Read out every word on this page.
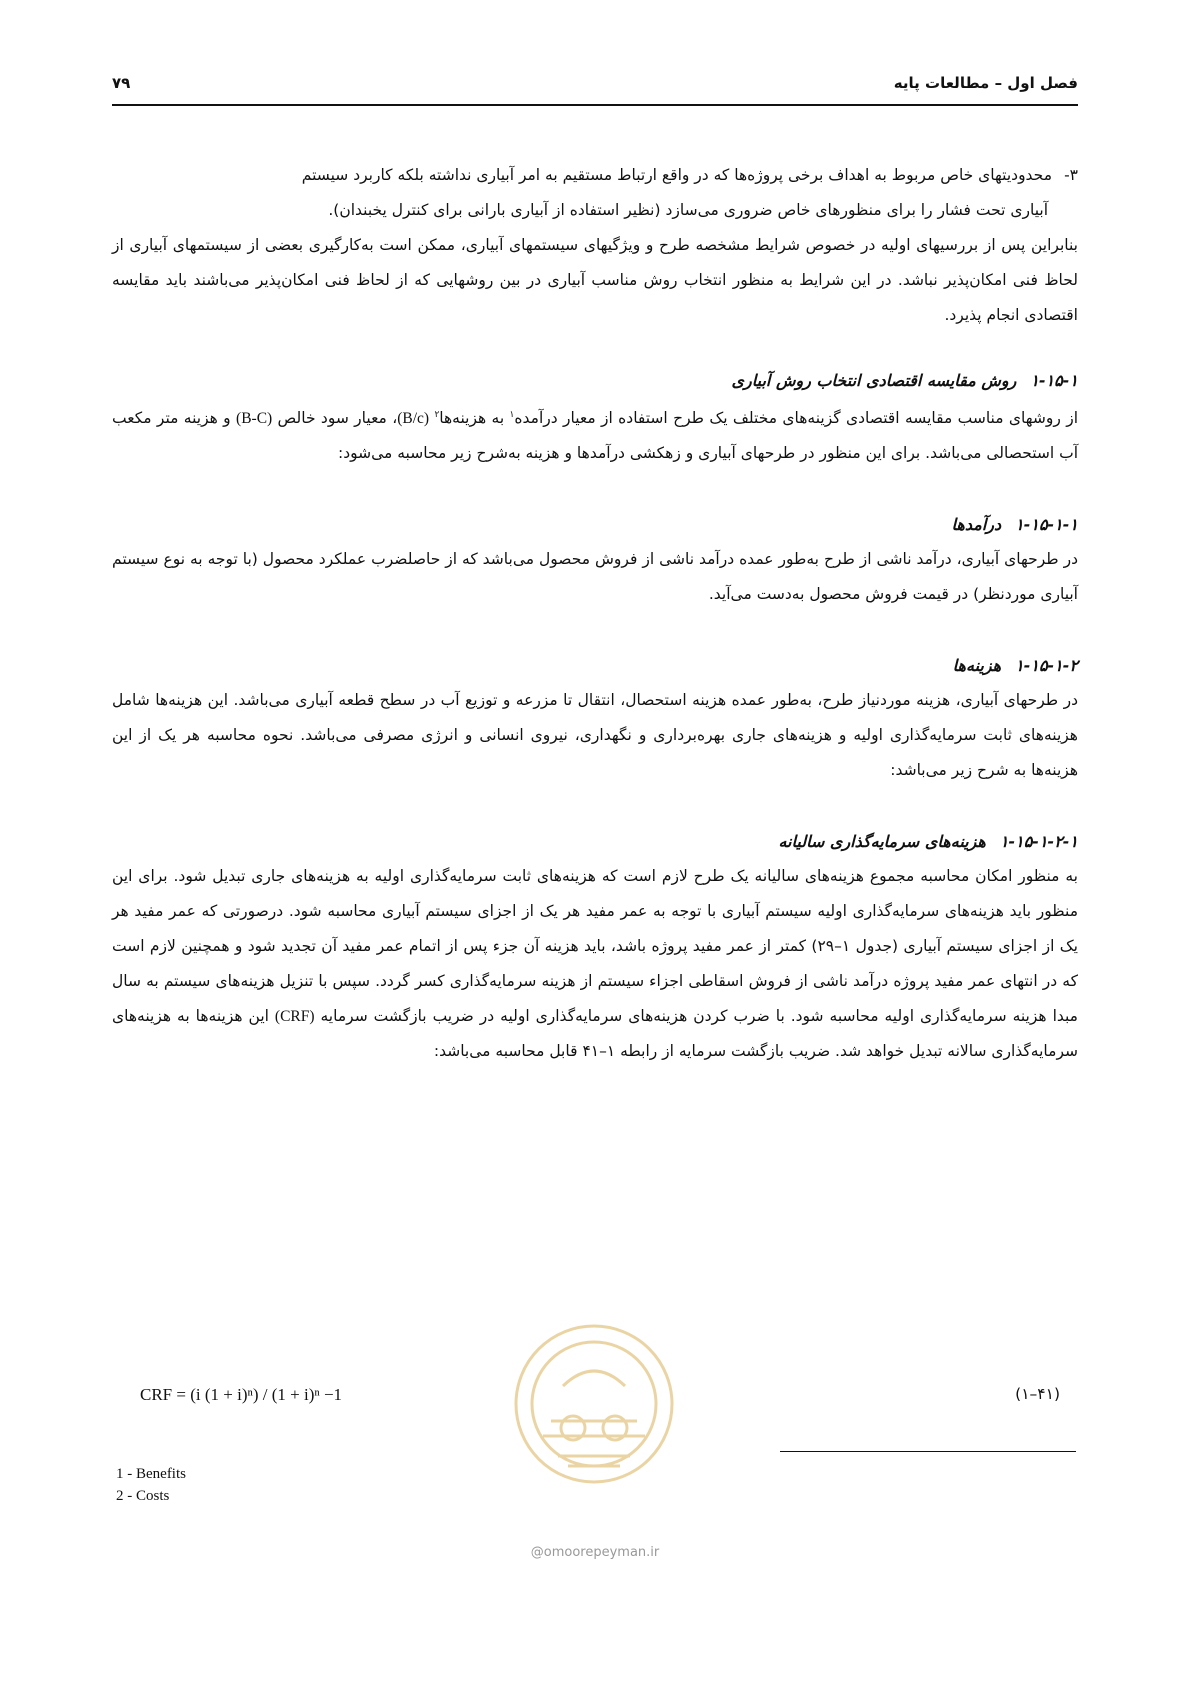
فصل اول – مطالعات پایه
۷۹

۳-محدودیتهای خاص مربوط به اهداف برخی پروژه‌ها که در واقع ارتباط مستقیم به امر آبیاری نداشته بلکه کاربرد سیستم

آبیاری تحت فشار را برای منظورهای خاص ضروری می‌سازد (نظیر استفاده از آبیاری بارانی برای کنترل یخبندان).

بنابراین پس از بررسیهای اولیه در خصوص شرایط مشخصه طرح و ویژگیهای سیستمهای آبیاری، ممکن است به‌کارگیری بعضی از سیستمهای آبیاری از لحاظ فنی امکان‌پذیر نباشد. در این شرایط به منظور انتخاب روش مناسب آبیاری در بین روشهایی که از لحاظ فنی امکان‌پذیر می‌باشند باید مقایسه اقتصادی انجام پذیرد.

۱-۱۵-۱
روش مقایسه اقتصادی انتخاب روش آبیاری

از روشهای مناسب مقایسه اقتصادی گزینه‌های مختلف یک طرح استفاده از معیار درآمده$^۱$ به هزینه‌ها$^۲$ (B/c)، معیار سود خالص (B-C) و هزینه متر مکعب آب استحصالی می‌باشد. برای این منظور در طرحهای آبیاری و زهکشی درآمدها و هزینه به‌شرح زیر محاسبه می‌شود:

۱-۱۵-۱-۱
درآمدها

در طرحهای آبیاری، درآمد ناشی از طرح به‌طور عمده درآمد ناشی از فروش محصول می‌باشد که از حاصلضرب عملکرد محصول (با توجه به نوع سیستم آبیاری موردنظر) در قیمت فروش محصول به‌دست می‌آید.

۱-۱۵-۱-۲
هزینه‌ها

در طرحهای آبیاری، هزینه موردنیاز طرح، به‌طور عمده هزینه استحصال، انتقال تا مزرعه و توزیع آب در سطح قطعه آبیاری می‌باشد. این هزینه‌ها شامل هزینه‌های ثابت سرمایه‌گذاری اولیه و هزینه‌های جاری بهره‌برداری و نگهداری، نیروی انسانی و انرژی مصرفی می‌باشد. نحوه محاسبه هر یک از این هزینه‌ها به شرح زیر می‌باشد:

۱-۱۵-۱-۲-۱
هزینه‌های سرمایه‌گذاری سالیانه

به منظور امکان محاسبه مجموع هزینه‌های سالیانه یک طرح لازم است که هزینه‌های ثابت سرمایه‌گذاری اولیه به هزینه‌های جاری تبدیل شود. برای این منظور باید هزینه‌های سرمایه‌گذاری اولیه سیستم آبیاری با توجه به عمر مفید هر یک از اجزای سیستم آبیاری محاسبه شود. درصورتی که عمر مفید هر یک از اجزای سیستم آبیاری (جدول ۱–۲۹) کمتر از عمر مفید پروژه باشد، باید هزینه آن جزء پس از اتمام عمر مفید آن تجدید شود و همچنین لازم است که در انتهای عمر مفید پروژه درآمد ناشی از فروش اسقاطی اجزاء سیستم از هزینه سرمایه‌گذاری کسر گردد. سپس با تنزیل هزینه‌های سیستم به سال مبدا هزینه سرمایه‌گذاری اولیه محاسبه شود. با ضرب کردن هزینه‌های سرمایه‌گذاری اولیه در ضریب بازگشت سرمایه (CRF) این هزینه‌ها به هزینه‌های سرمایه‌گذاری سالانه تبدیل خواهد شد. ضریب بازگشت سرمایه از رابطه ۱–۴۱ قابل محاسبه می‌باشد:

CRF = (i (1 + i)ⁿ) / (1 + i)ⁿ −1	(۴۱–۱)
1 - Benefits
2 - Costs
@omoorepeyman.ir
